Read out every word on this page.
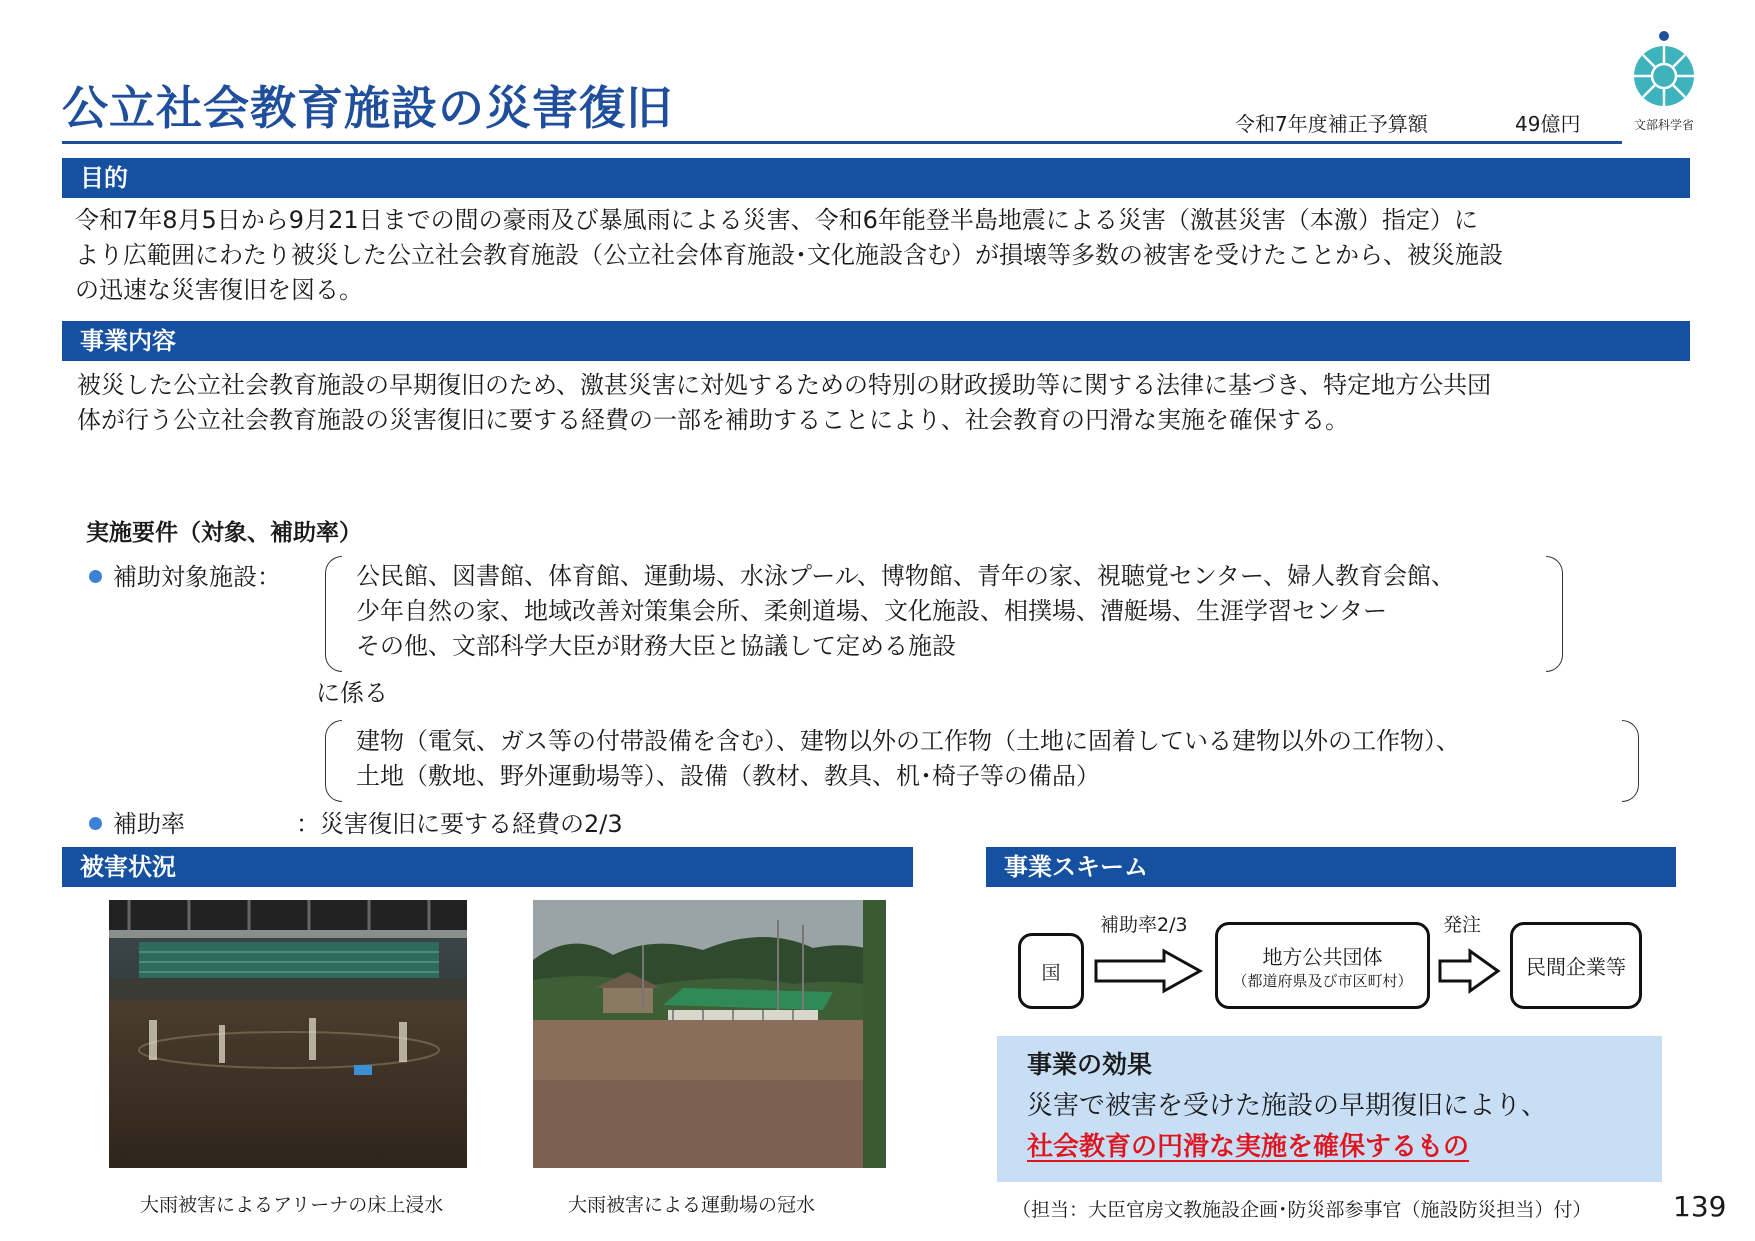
公立社会教育施設の災害復旧	令和7年度補正予算額	49億円	文部科学省
目的
令和7年8月5日から9月21日までの間の豪雨及び暴風雨による災害、令和6年能登半島地震による災害（激甚災害（本激）指定）に
より広範囲にわたり被災した公立社会教育施設（公立社会体育施設･文化施設含む）が損壊等多数の被害を受けたことから、被災施設
の迅速な災害復旧を図る。
事業内容
被災した公立社会教育施設の早期復旧のため、激甚災害に対処するための特別の財政援助等に関する法律に基づき、特定地方公共団
体が行う公立社会教育施設の災害復旧に要する経費の一部を補助することにより、社会教育の円滑な実施を確保する。
実施要件（対象、補助率）
補助対象施設：	公民館、図書館、体育館、運動場、水泳プール、博物館、青年の家、視聴覚センター、婦人教育会館、
少年自然の家、地域改善対策集会所、柔剣道場、文化施設、相撲場、漕艇場、生涯学習センター
その他、文部科学大臣が財務大臣と協議して定める施設
に係る
建物（電気、ガス等の付帯設備を含む）、建物以外の工作物（土地に固着している建物以外の工作物）、
土地（敷地、野外運動場等）、設備（教材、教具、机･椅子等の備品）
補助率	：災害復旧に要する経費の2/3
被害状況
大雨被害によるアリーナの床上浸水	大雨被害による運動場の冠水
事業スキーム
国
補助率2/3
地方公共団体
（都道府県及び市区町村）
発注
民間企業等
事業の効果
災害で被害を受けた施設の早期復旧により、
社会教育の円滑な実施を確保するもの
（担当：大臣官房文教施設企画･防災部参事官（施設防災担当）付）	139
